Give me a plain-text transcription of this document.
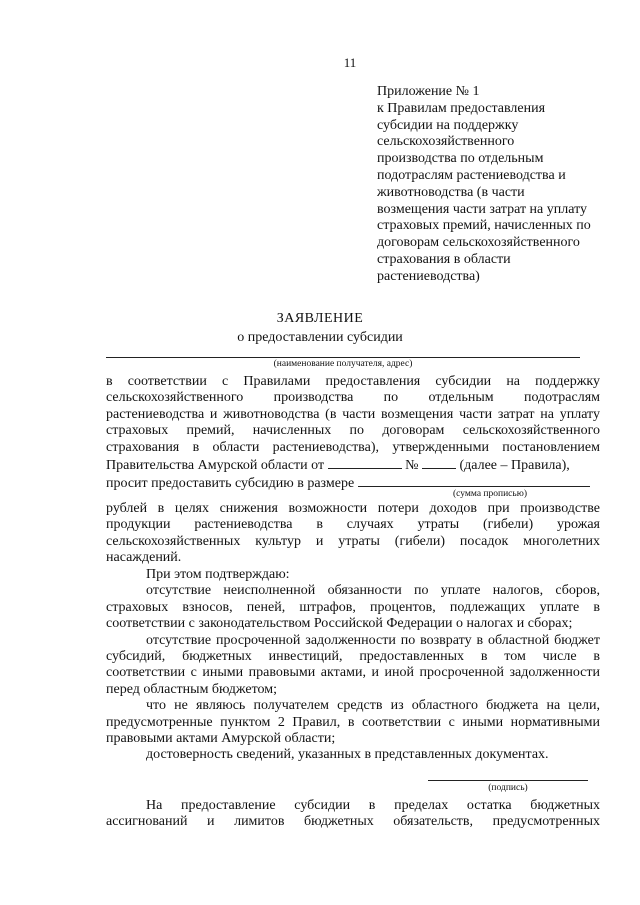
11
Приложение № 1
к Правилам предоставления
субсидии на поддержку
сельскохозяйственного
производства по отдельным
подотраслям растениеводства и
животноводства (в части
возмещения части затрат на уплату
страховых премий, начисленных по
договорам сельскохозяйственного
страхования в области
растениеводства)
ЗАЯВЛЕНИЕ
о предоставлении субсидии
(наименование получателя, адрес)
в соответствии с Правилами предоставления субсидии на поддержку
сельскохозяйственного производства по отдельным подотраслям
растениеводства и животноводства (в части возмещения части затрат на уплату
страховых премий, начисленных по договорам сельскохозяйственного
страхования в области растениеводства), утвержденными постановлением
Правительства Амурской области от	№	(далее – Правила),
просит предоставить субсидию в размере
(сумма прописью)
рублей в целях снижения возможности потери доходов при производстве
продукции растениеводства в случаях утраты (гибели) урожая
сельскохозяйственных культур и утраты (гибели) посадок многолетних
насаждений.
При этом подтверждаю:
отсутствие неисполненной обязанности по уплате налогов, сборов,
страховых взносов, пеней, штрафов, процентов, подлежащих уплате в
соответствии с законодательством Российской Федерации о налогах и сборах;
отсутствие просроченной задолженности по возврату в областной бюджет
субсидий, бюджетных инвестиций, предоставленных в том числе в
соответствии с иными правовыми актами, и иной просроченной задолженности
перед областным бюджетом;
что не являюсь получателем средств из областного бюджета на цели,
предусмотренные пунктом 2 Правил, в соответствии с иными нормативными
правовыми актами Амурской области;
достоверность сведений, указанных в представленных документах.
(подпись)
На предоставление субсидии в пределах остатка бюджетных
ассигнований и лимитов бюджетных обязательств, предусмотренных
